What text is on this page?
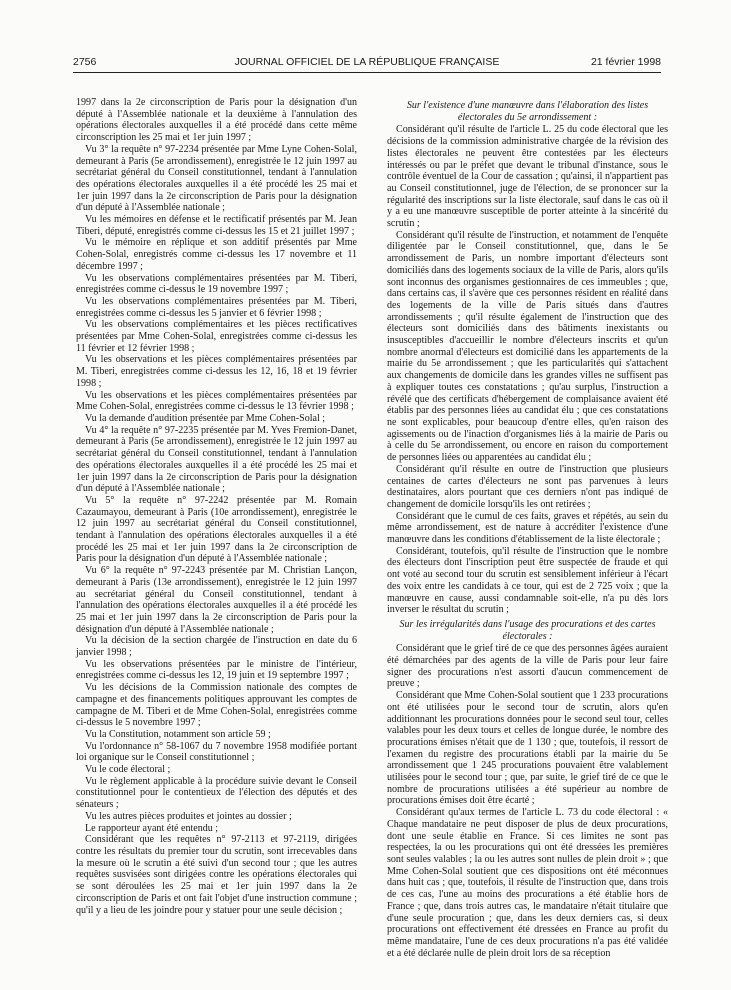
2756	JOURNAL OFFICIEL DE LA RÉPUBLIQUE FRANÇAISE	21 février 1998

1997 dans la 2e circonscription de Paris pour la désignation d'un député à l'Assemblée nationale et la deuxième à l'annulation des opérations électorales auxquelles il a été procédé dans cette même circonscription les 25 mai et 1er juin 1997 ;

Vu 3° la requête n° 97-2234 présentée par Mme Lyne Cohen-Solal, demeurant à Paris (5e arrondissement), enregistrée le 12 juin 1997 au secrétariat général du Conseil constitutionnel, tendant à l'annulation des opérations électorales auxquelles il a été procédé les 25 mai et 1er juin 1997 dans la 2e circonscription de Paris pour la désignation d'un député à l'Assemblée nationale ;

Vu les mémoires en défense et le rectificatif présentés par M. Jean Tiberi, député, enregistrés comme ci-dessus les 15 et 21 juillet 1997 ;

Vu le mémoire en réplique et son additif présentés par Mme Cohen-Solal, enregistrés comme ci-dessus les 17 novembre et 11 décembre 1997 ;

Vu les observations complémentaires présentées par M. Tiberi, enregistrées comme ci-dessus le 19 novembre 1997 ;

Vu les observations complémentaires présentées par M. Tiberi, enregistrées comme ci-dessus les 5 janvier et 6 février 1998 ;

Vu les observations complémentaires et les pièces rectificatives présentées par Mme Cohen-Solal, enregistrées comme ci-dessus les 11 février et 12 février 1998 ;

Vu les observations et les pièces complémentaires présentées par M. Tiberi, enregistrées comme ci-dessus les 12, 16, 18 et 19 février 1998 ;

Vu les observations et les pièces complémentaires présentées par Mme Cohen-Solal, enregistrées comme ci-dessus le 13 février 1998 ;

Vu la demande d'audition présentée par Mme Cohen-Solal ;

Vu 4° la requête n° 97-2235 présentée par M. Yves Fremion-Danet, demeurant à Paris (5e arrondissement), enregistrée le 12 juin 1997 au secrétariat général du Conseil constitutionnel, tendant à l'annulation des opérations électorales auxquelles il a été procédé les 25 mai et 1er juin 1997 dans la 2e circonscription de Paris pour la désignation d'un député à l'Assemblée nationale ;

Vu 5° la requête n° 97-2242 présentée par M. Romain Cazaumayou, demeurant à Paris (10e arrondissement), enregistrée le 12 juin 1997 au secrétariat général du Conseil constitutionnel, tendant à l'annulation des opérations électorales auxquelles il a été procédé les 25 mai et 1er juin 1997 dans la 2e circonscription de Paris pour la désignation d'un député à l'Assemblée nationale ;

Vu 6° la requête n° 97-2243 présentée par M. Christian Lançon, demeurant à Paris (13e arrondissement), enregistrée le 12 juin 1997 au secrétariat général du Conseil constitutionnel, tendant à l'annulation des opérations électorales auxquelles il a été procédé les 25 mai et 1er juin 1997 dans la 2e circonscription de Paris pour la désignation d'un député à l'Assemblée nationale ;

Vu la décision de la section chargée de l'instruction en date du 6 janvier 1998 ;

Vu les observations présentées par le ministre de l'intérieur, enregistrées comme ci-dessus les 12, 19 juin et 19 septembre 1997 ;

Vu les décisions de la Commission nationale des comptes de campagne et des financements politiques approuvant les comptes de campagne de M. Tiberi et de Mme Cohen-Solal, enregistrées comme ci-dessus le 5 novembre 1997 ;

Vu la Constitution, notamment son article 59 ;

Vu l'ordonnance n° 58-1067 du 7 novembre 1958 modifiée portant loi organique sur le Conseil constitutionnel ;

Vu le code électoral ;

Vu le règlement applicable à la procédure suivie devant le Conseil constitutionnel pour le contentieux de l'élection des députés et des sénateurs ;

Vu les autres pièces produites et jointes au dossier ;

Le rapporteur ayant été entendu ;

Considérant que les requêtes n° 97-2113 et 97-2119, dirigées contre les résultats du premier tour du scrutin, sont irrecevables dans la mesure où le scrutin a été suivi d'un second tour ; que les autres requêtes susvisées sont dirigées contre les opérations électorales qui se sont déroulées les 25 mai et 1er juin 1997 dans la 2e circonscription de Paris et ont fait l'objet d'une instruction commune ; qu'il y a lieu de les joindre pour y statuer pour une seule décision ;

Sur l'existence d'une manœuvre dans l'élaboration des listes électorales du 5e arrondissement :

Considérant qu'il résulte de l'article L. 25 du code électoral que les décisions de la commission administrative chargée de la révision des listes électorales ne peuvent être contestées par les électeurs intéressés ou par le préfet que devant le tribunal d'instance, sous le contrôle éventuel de la Cour de cassation ; qu'ainsi, il n'appartient pas au Conseil constitutionnel, juge de l'élection, de se prononcer sur la régularité des inscriptions sur la liste électorale, sauf dans le cas où il y a eu une manœuvre susceptible de porter atteinte à la sincérité du scrutin ;

Considérant qu'il résulte de l'instruction, et notamment de l'enquête diligentée par le Conseil constitutionnel, que, dans le 5e arrondissement de Paris, un nombre important d'électeurs sont domiciliés dans des logements sociaux de la ville de Paris, alors qu'ils sont inconnus des organismes gestionnaires de ces immeubles ; que, dans certains cas, il s'avère que ces personnes résident en réalité dans des logements de la ville de Paris situés dans d'autres arrondissements ; qu'il résulte également de l'instruction que des électeurs sont domiciliés dans des bâtiments inexistants ou insusceptibles d'accueillir le nombre d'électeurs inscrits et qu'un nombre anormal d'électeurs est domicilié dans les appartements de la mairie du 5e arrondissement ; que les particularités qui s'attachent aux changements de domicile dans les grandes villes ne suffisent pas à expliquer toutes ces constatations ; qu'au surplus, l'instruction a révélé que des certificats d'hébergement de complaisance avaient été établis par des personnes liées au candidat élu ; que ces constatations ne sont explicables, pour beaucoup d'entre elles, qu'en raison des agissements ou de l'inaction d'organismes liés à la mairie de Paris ou à celle du 5e arrondissement, ou encore en raison du comportement de personnes liées ou apparentées au candidat élu ;

Considérant qu'il résulte en outre de l'instruction que plusieurs centaines de cartes d'électeurs ne sont pas parvenues à leurs destinataires, alors pourtant que ces derniers n'ont pas indiqué de changement de domicile lorsqu'ils les ont retirées ;

Considérant que le cumul de ces faits, graves et répétés, au sein du même arrondissement, est de nature à accréditer l'existence d'une manœuvre dans les conditions d'établissement de la liste électorale ;

Considérant, toutefois, qu'il résulte de l'instruction que le nombre des électeurs dont l'inscription peut être suspectée de fraude et qui ont voté au second tour du scrutin est sensiblement inférieur à l'écart des voix entre les candidats à ce tour, qui est de 2 725 voix ; que la manœuvre en cause, aussi condamnable soit-elle, n'a pu dès lors inverser le résultat du scrutin ;

Sur les irrégularités dans l'usage des procurations et des cartes électorales :

Considérant que le grief tiré de ce que des personnes âgées auraient été démarchées par des agents de la ville de Paris pour leur faire signer des procurations n'est assorti d'aucun commencement de preuve ;

Considérant que Mme Cohen-Solal soutient que 1 233 procurations ont été utilisées pour le second tour de scrutin, alors qu'en additionnant les procurations données pour le second seul tour, celles valables pour les deux tours et celles de longue durée, le nombre des procurations émises n'était que de 1 130 ; que, toutefois, il ressort de l'examen du registre des procurations établi par la mairie du 5e arrondissement que 1 245 procurations pouvaient être valablement utilisées pour le second tour ; que, par suite, le grief tiré de ce que le nombre de procurations utilisées a été supérieur au nombre de procurations émises doit être écarté ;

Considérant qu'aux termes de l'article L. 73 du code électoral : « Chaque mandataire ne peut disposer de plus de deux procurations, dont une seule établie en France. Si ces limites ne sont pas respectées, la ou les procurations qui ont été dressées les premières sont seules valables ; la ou les autres sont nulles de plein droit » ; que Mme Cohen-Solal soutient que ces dispositions ont été méconnues dans huit cas ; que, toutefois, il résulte de l'instruction que, dans trois de ces cas, l'une au moins des procurations a été établie hors de France ; que, dans trois autres cas, le mandataire n'était titulaire que d'une seule procuration ; que, dans les deux derniers cas, si deux procurations ont effectivement été dressées en France au profit du même mandataire, l'une de ces deux procurations n'a pas été validée et a été déclarée nulle de plein droit lors de sa réception
